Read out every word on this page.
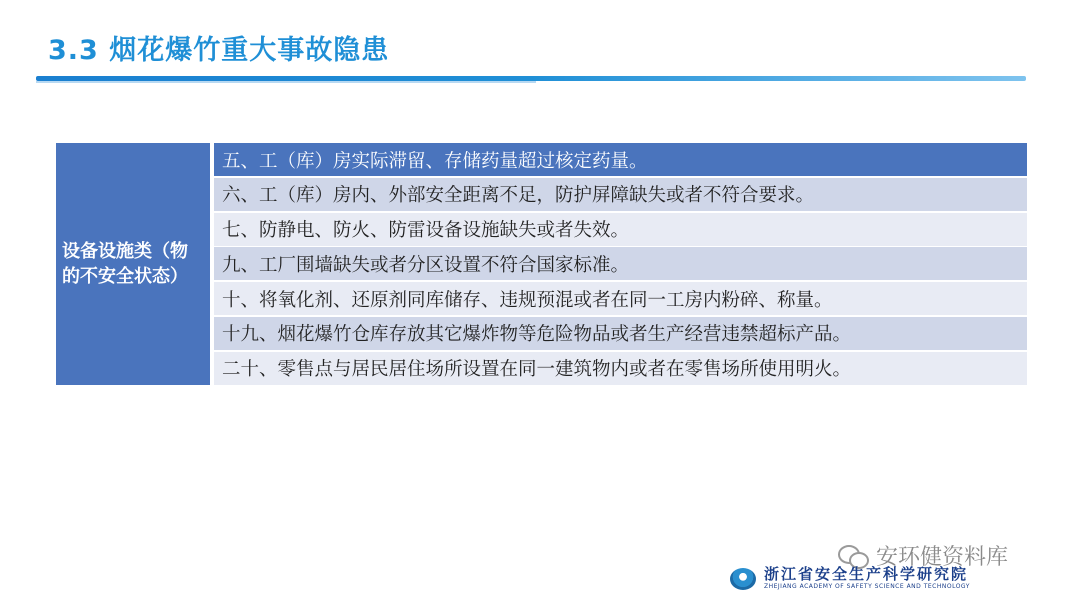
3.3 烟花爆竹重大事故隐患
设备设施类（物的不安全状态）
五、工（库）房实际滞留、存储药量超过核定药量。
六、工（库）房内、外部安全距离不足，防护屏障缺失或者不符合要求。
七、防静电、防火、防雷设备设施缺失或者失效。
九、工厂围墙缺失或者分区设置不符合国家标准。
十、将氧化剂、还原剂同库储存、违规预混或者在同一工房内粉碎、称量。
十九、烟花爆竹仓库存放其它爆炸物等危险物品或者生产经营违禁超标产品。
二十、零售点与居民居住场所设置在同一建筑物内或者在零售场所使用明火。
安环健资料库
浙江省安全生产科学研究院
ZHEJIANG ACADEMY OF SAFETY SCIENCE AND TECHNOLOGY
